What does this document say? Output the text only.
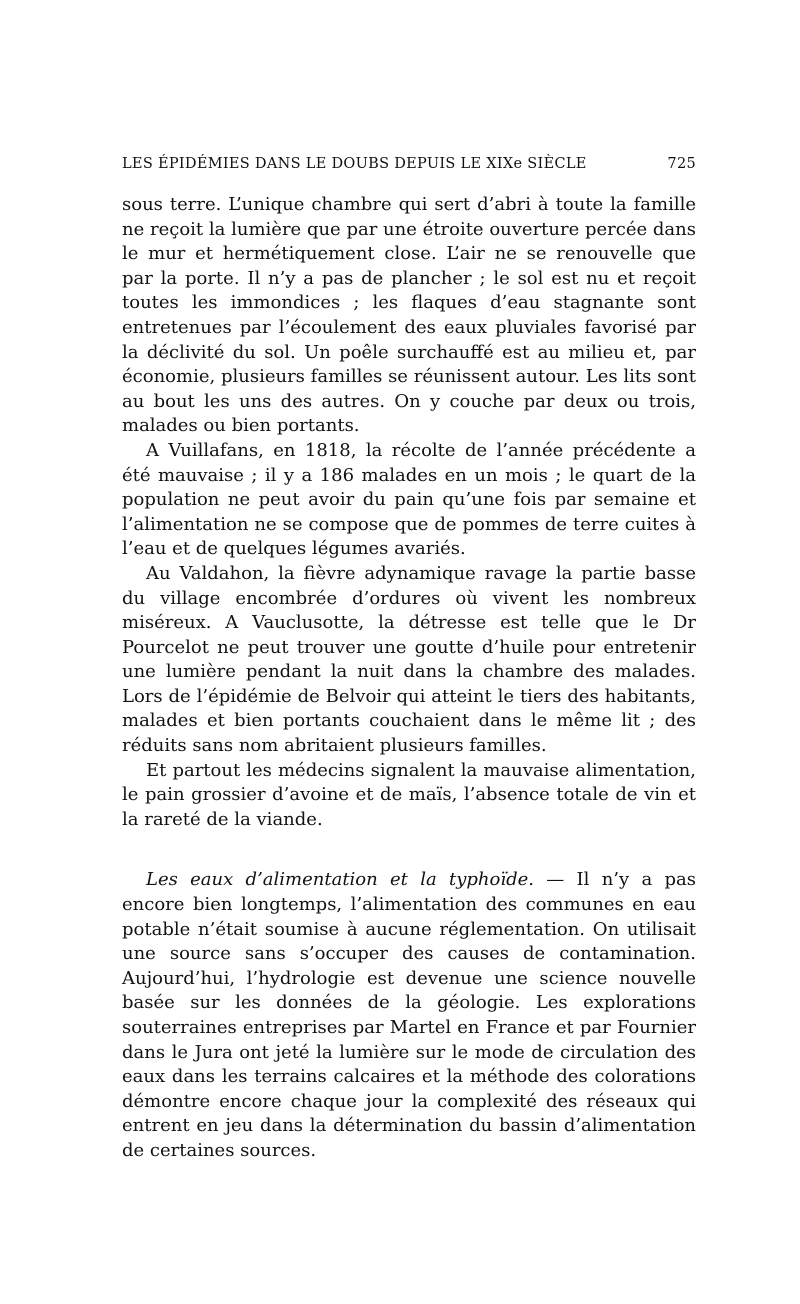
LES ÉPIDÉMIES DANS LE DOUBS DEPUIS LE XIXe SIÈCLE	725

sous terre. L’unique chambre qui sert d’abri à toute la famille ne reçoit la lumière que par une étroite ouverture percée dans le mur et hermétiquement close. L’air ne se renouvelle que par la porte. Il n’y a pas de plancher ; le sol est nu et reçoit toutes les immondices ; les flaques d’eau stagnante sont entretenues par l’écoulement des eaux pluviales favorisé par la déclivité du sol. Un poêle surchauffé est au milieu et, par économie, plusieurs familles se réunissent autour. Les lits sont au bout les uns des autres. On y couche par deux ou trois, malades ou bien portants.

A Vuillafans, en 1818, la récolte de l’année précédente a été mauvaise ; il y a 186 malades en un mois ; le quart de la population ne peut avoir du pain qu’une fois par semaine et l’alimentation ne se compose que de pommes de terre cuites à l’eau et de quelques légumes avariés.

Au Valdahon, la fièvre adynamique ravage la partie basse du village encombrée d’ordures où vivent les nombreux miséreux. A Vauclusotte, la détresse est telle que le Dr Pourcelot ne peut trouver une goutte d’huile pour entretenir une lumière pendant la nuit dans la chambre des malades. Lors de l’épidémie de Belvoir qui atteint le tiers des habitants, malades et bien portants couchaient dans le même lit ; des réduits sans nom abritaient plusieurs familles.

Et partout les médecins signalent la mauvaise alimentation, le pain grossier d’avoine et de maïs, l’absence totale de vin et la rareté de la viande.

Les eaux d’alimentation et la typhoïde. — Il n’y a pas encore bien longtemps, l’alimentation des communes en eau potable n’était soumise à aucune réglementation. On utilisait une source sans s’occuper des causes de contamination. Aujourd’hui, l’hydrologie est devenue une science nouvelle basée sur les données de la géologie. Les explorations souterraines entreprises par Martel en France et par Fournier dans le Jura ont jeté la lumière sur le mode de circulation des eaux dans les terrains calcaires et la méthode des colorations démontre encore chaque jour la complexité des réseaux qui entrent en jeu dans la détermination du bassin d’alimentation de certaines sources.
